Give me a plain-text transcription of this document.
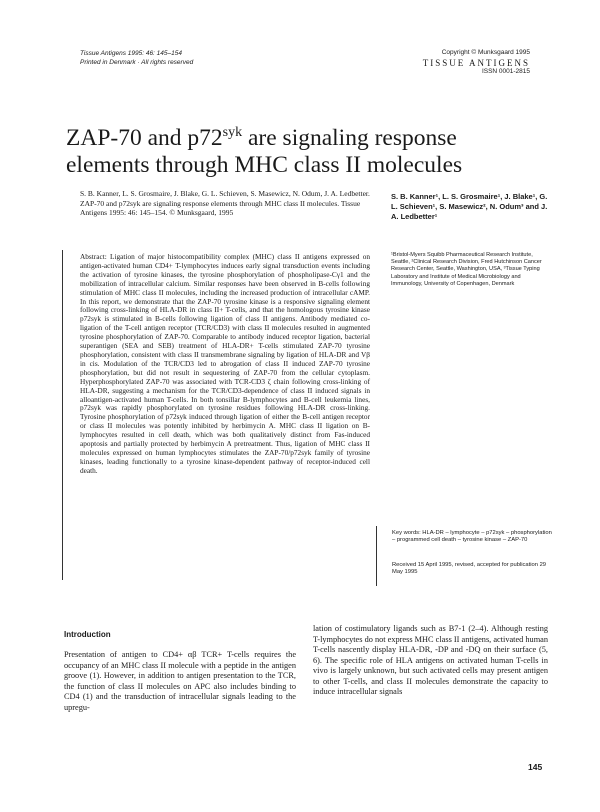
Tissue Antigens 1995: 46: 145–154
Printed in Denmark · All rights reserved
Copyright © Munksgaard 1995
TISSUE ANTIGENS
ISSN 0001-2815
ZAP-70 and $p72^{syk}$ are signaling response elements through MHC class II molecules
S. B. Kanner, L. S. Grosmaire, J. Blake, G. L. Schieven, S. Masewicz, N. Odum, J. A. Ledbetter. ZAP-70 and p72syk are signaling response elements through MHC class II molecules. Tissue Antigens 1995: 46: 145–154. © Munksgaard, 1995
S. B. Kanner¹, L. S. Grosmaire¹, J. Blake¹, G. L. Schieven¹, S. Masewicz², N. Odum³ and J. A. Ledbetter¹
¹Bristol-Myers Squibb Pharmaceutical Research Institute, Seattle, ²Clinical Research Division, Fred Hutchinson Cancer Research Center, Seattle, Washington, USA, ³Tissue Typing Laboratory and Institute of Medical Microbiology and Immunology, University of Copenhagen, Denmark
Abstract: Ligation of major histocompatibility complex (MHC) class II antigens expressed on antigen-activated human CD4+ T-lymphocytes induces early signal transduction events including the activation of tyrosine kinases, the tyrosine phosphorylation of phospholipase-Cγ1 and the mobilization of intracellular calcium. Similar responses have been observed in B-cells following stimulation of MHC class II molecules, including the increased production of intracellular cAMP. In this report, we demonstrate that the ZAP-70 tyrosine kinase is a responsive signaling element following cross-linking of HLA-DR in class II+ T-cells, and that the homologous tyrosine kinase p72syk is stimulated in B-cells following ligation of class II antigens. Antibody mediated co-ligation of the T-cell antigen receptor (TCR/CD3) with class II molecules resulted in augmented tyrosine phosphorylation of ZAP-70. Comparable to antibody induced receptor ligation, bacterial superantigen (SEA and SEB) treatment of HLA-DR+ T-cells stimulated ZAP-70 tyrosine phosphorylation, consistent with class II transmembrane signaling by ligation of HLA-DR and Vβ in cis. Modulation of the TCR/CD3 led to abrogation of class II induced ZAP-70 tyrosine phosphorylation, but did not result in sequestering of ZAP-70 from the cellular cytoplasm. Hyperphosphorylated ZAP-70 was associated with TCR-CD3 ζ chain following cross-linking of HLA-DR, suggesting a mechanism for the TCR/CD3-dependence of class II induced signals in alloantigen-activated human T-cells. In both tonsillar B-lymphocytes and B-cell leukemia lines, p72syk was rapidly phosphorylated on tyrosine residues following HLA-DR cross-linking. Tyrosine phosphorylation of p72syk induced through ligation of either the B-cell antigen receptor or class II molecules was potently inhibited by herbimycin A. MHC class II ligation on B-lymphocytes resulted in cell death, which was both qualitatively distinct from Fas-induced apoptosis and partially protected by herbimycin A pretreatment. Thus, ligation of MHC class II molecules expressed on human lymphocytes stimulates the ZAP-70/p72syk family of tyrosine kinases, leading functionally to a tyrosine kinase-dependent pathway of receptor-induced cell death.
Key words: HLA-DR – lymphocyte – p72syk – phosphorylation – programmed cell death – tyrosine kinase – ZAP-70
Received 15 April 1995, revised, accepted for publication 29 May 1995
Introduction

Presentation of antigen to CD4+ αβ TCR+ T-cells requires the occupancy of an MHC class II molecule with a peptide in the antigen groove (1). However, in addition to antigen presentation to the TCR, the function of class II molecules on APC also includes binding to CD4 (1) and the transduction of intracellular signals leading to the upregu-

lation of costimulatory ligands such as B7-1 (2–4). Although resting T-lymphocytes do not express MHC class II antigens, activated human T-cells nascently display HLA-DR, -DP and -DQ on their surface (5, 6). The specific role of HLA antigens on activated human T-cells in vivo is largely unknown, but such activated cells may present antigen to other T-cells, and class II molecules demonstrate the capacity to induce intracellular signals

145
